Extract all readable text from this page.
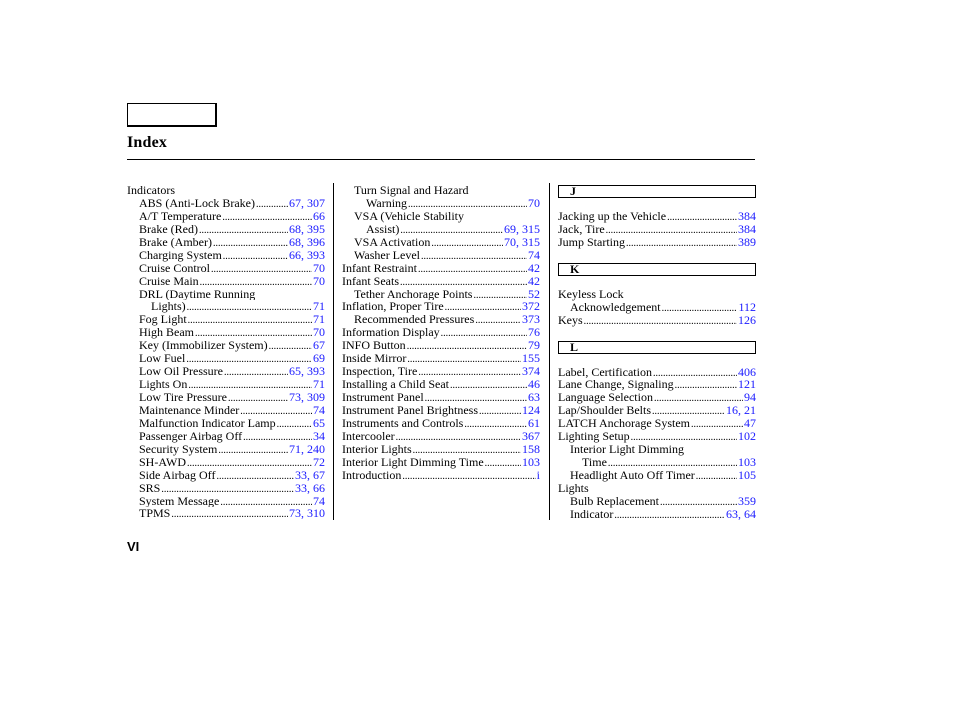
Index
Indicators
ABS (Anti-Lock Brake) .....	67, 307
A/T Temperature .....	66
Brake (Red) .....	68, 395
Brake (Amber) .....	68, 396
Charging System .....	66, 393
Cruise Control .....	70
Cruise Main .....	70
DRL (Daytime Running
Lights) .....	71
Fog Light .....	71
High Beam .....	70
Key (Immobilizer System) .....	67
Low Fuel .....	69
Low Oil Pressure .....	65, 393
Lights On .....	71
Low Tire Pressure .....	73, 309
Maintenance Minder .....	74
Malfunction Indicator Lamp .....	65
Passenger Airbag Off .....	34
Security System .....	71, 240
SH-AWD .....	72
Side Airbag Off .....	33, 67
SRS .....	33, 66
System Message .....	74
TPMS .....	73, 310
Turn Signal and Hazard
Warning .....	70
VSA (Vehicle Stability
Assist) .....	69, 315
VSA Activation .....	70, 315
Washer Level .....	74
Infant Restraint .....	42
Infant Seats .....	42
Tether Anchorage Points .....	52
Inflation, Proper Tire .....	372
Recommended Pressures .....	373
Information Display .....	76
INFO Button .....	79
Inside Mirror .....	155
Inspection, Tire .....	374
Installing a Child Seat .....	46
Instrument Panel .....	63
Instrument Panel Brightness .....	124
Instruments and Controls .....	61
Intercooler .....	367
Interior Lights .....	158
Interior Light Dimming Time .....	103
Introduction .....	i
J
Jacking up the Vehicle .....	384
Jack, Tire .....	384
Jump Starting .....	389
K
Keyless Lock
Acknowledgement .....	112
Keys .....	126
L
Label, Certification .....	406
Lane Change, Signaling .....	121
Language Selection .....	94
Lap/Shoulder Belts .....	16, 21
LATCH Anchorage System .....	47
Lighting Setup .....	102
Interior Light Dimming
Time .....	103
Headlight Auto Off Timer .....	105
Lights
Bulb Replacement .....	359
Indicator .....	63, 64
VI
